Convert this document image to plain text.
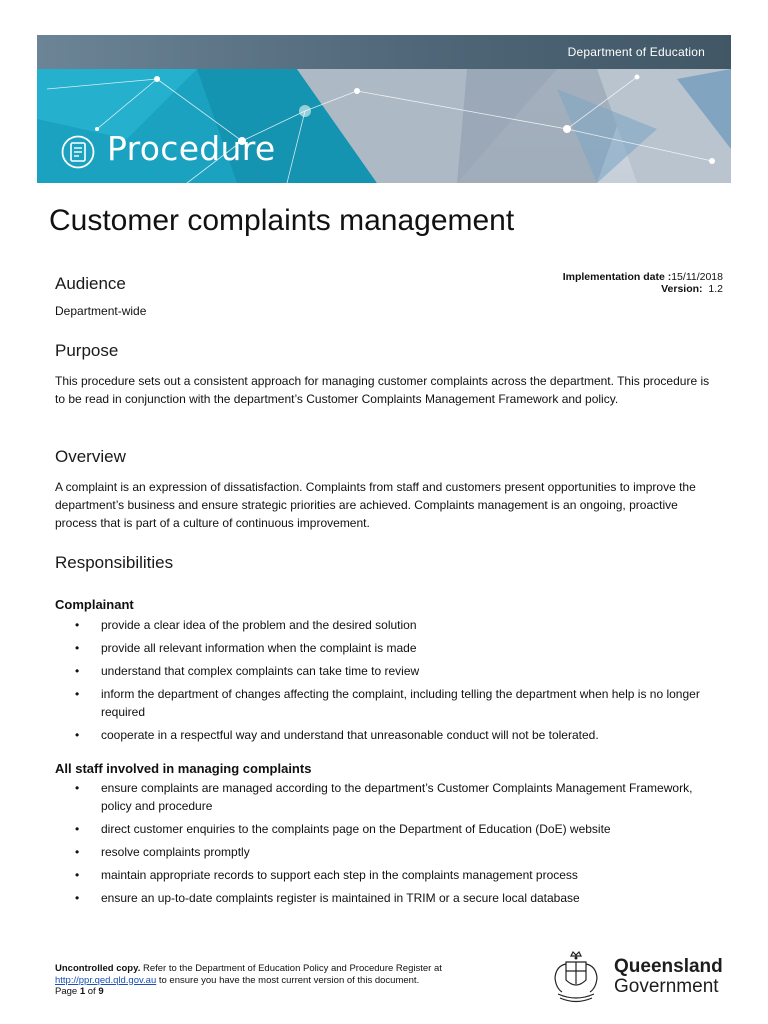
Department of Education
Procedure
Customer complaints management
Implementation date :15/11/2018
Version: 1.2
Audience

Department-wide

Purpose

This procedure sets out a consistent approach for managing customer complaints across the department. This procedure is to be read in conjunction with the department’s Customer Complaints Management Framework and policy.

Overview

A complaint is an expression of dissatisfaction. Complaints from staff and customers present opportunities to improve the department’s business and ensure strategic priorities are achieved. Complaints management is an ongoing, proactive process that is part of a culture of continuous improvement.

Responsibilities
Complainant
• provide a clear idea of the problem and the desired solution
• provide all relevant information when the complaint is made
• understand that complex complaints can take time to review
• inform the department of changes affecting the complaint, including telling the department when help is no longer required
• cooperate in a respectful way and understand that unreasonable conduct will not be tolerated.
All staff involved in managing complaints
• ensure complaints are managed according to the department’s Customer Complaints Management Framework, policy and procedure
• direct customer enquiries to the complaints page on the Department of Education (DoE) website
• resolve complaints promptly
• maintain appropriate records to support each step in the complaints management process
• ensure an up-to-date complaints register is maintained in TRIM or a secure local database
Uncontrolled copy. Refer to the Department of Education Policy and Procedure Register at
http://ppr.qed.qld.gov.au to ensure you have the most current version of this document.
Page 1 of 9
Queensland
Government
